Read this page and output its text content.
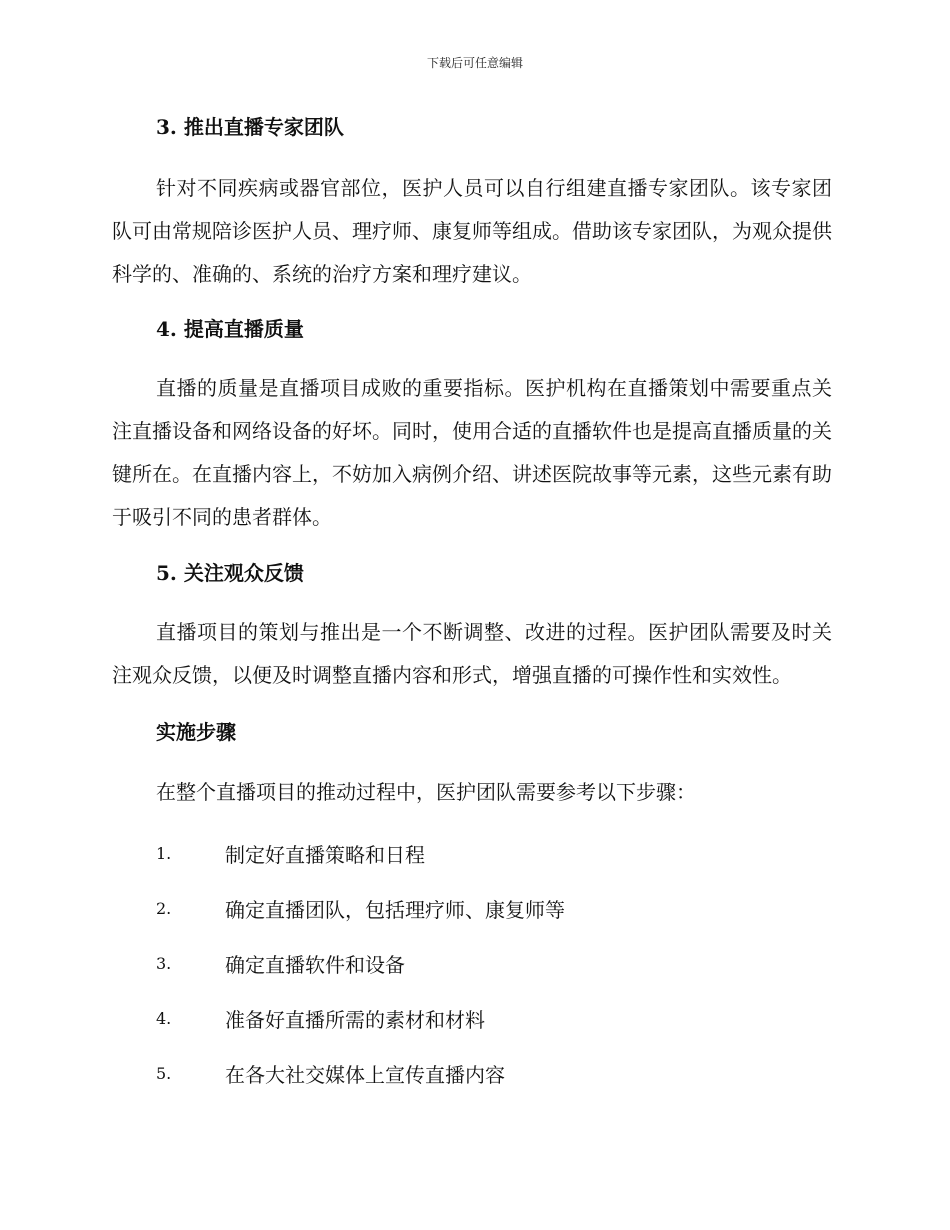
下载后可任意编辑
3. 推出直播专家团队

针对不同疾病或器官部位，医护人员可以自行组建直播专家团队。该专家团队可由常规陪诊医护人员、理疗师、康复师等组成。借助该专家团队，为观众提供科学的、准确的、系统的治疗方案和理疗建议。

4. 提高直播质量

直播的质量是直播项目成败的重要指标。医护机构在直播策划中需要重点关注直播设备和网络设备的好坏。同时，使用合适的直播软件也是提高直播质量的关键所在。在直播内容上，不妨加入病例介绍、讲述医院故事等元素，这些元素有助于吸引不同的患者群体。

5. 关注观众反馈

直播项目的策划与推出是一个不断调整、改进的过程。医护团队需要及时关注观众反馈，以便及时调整直播内容和形式，增强直播的可操作性和实效性。

实施步骤

在整个直播项目的推动过程中，医护团队需要参考以下步骤：

1.	制定好直播策略和日程
2.	确定直播团队，包括理疗师、康复师等
3.	确定直播软件和设备
4.	准备好直播所需的素材和材料
5.	在各大社交媒体上宣传直播内容
